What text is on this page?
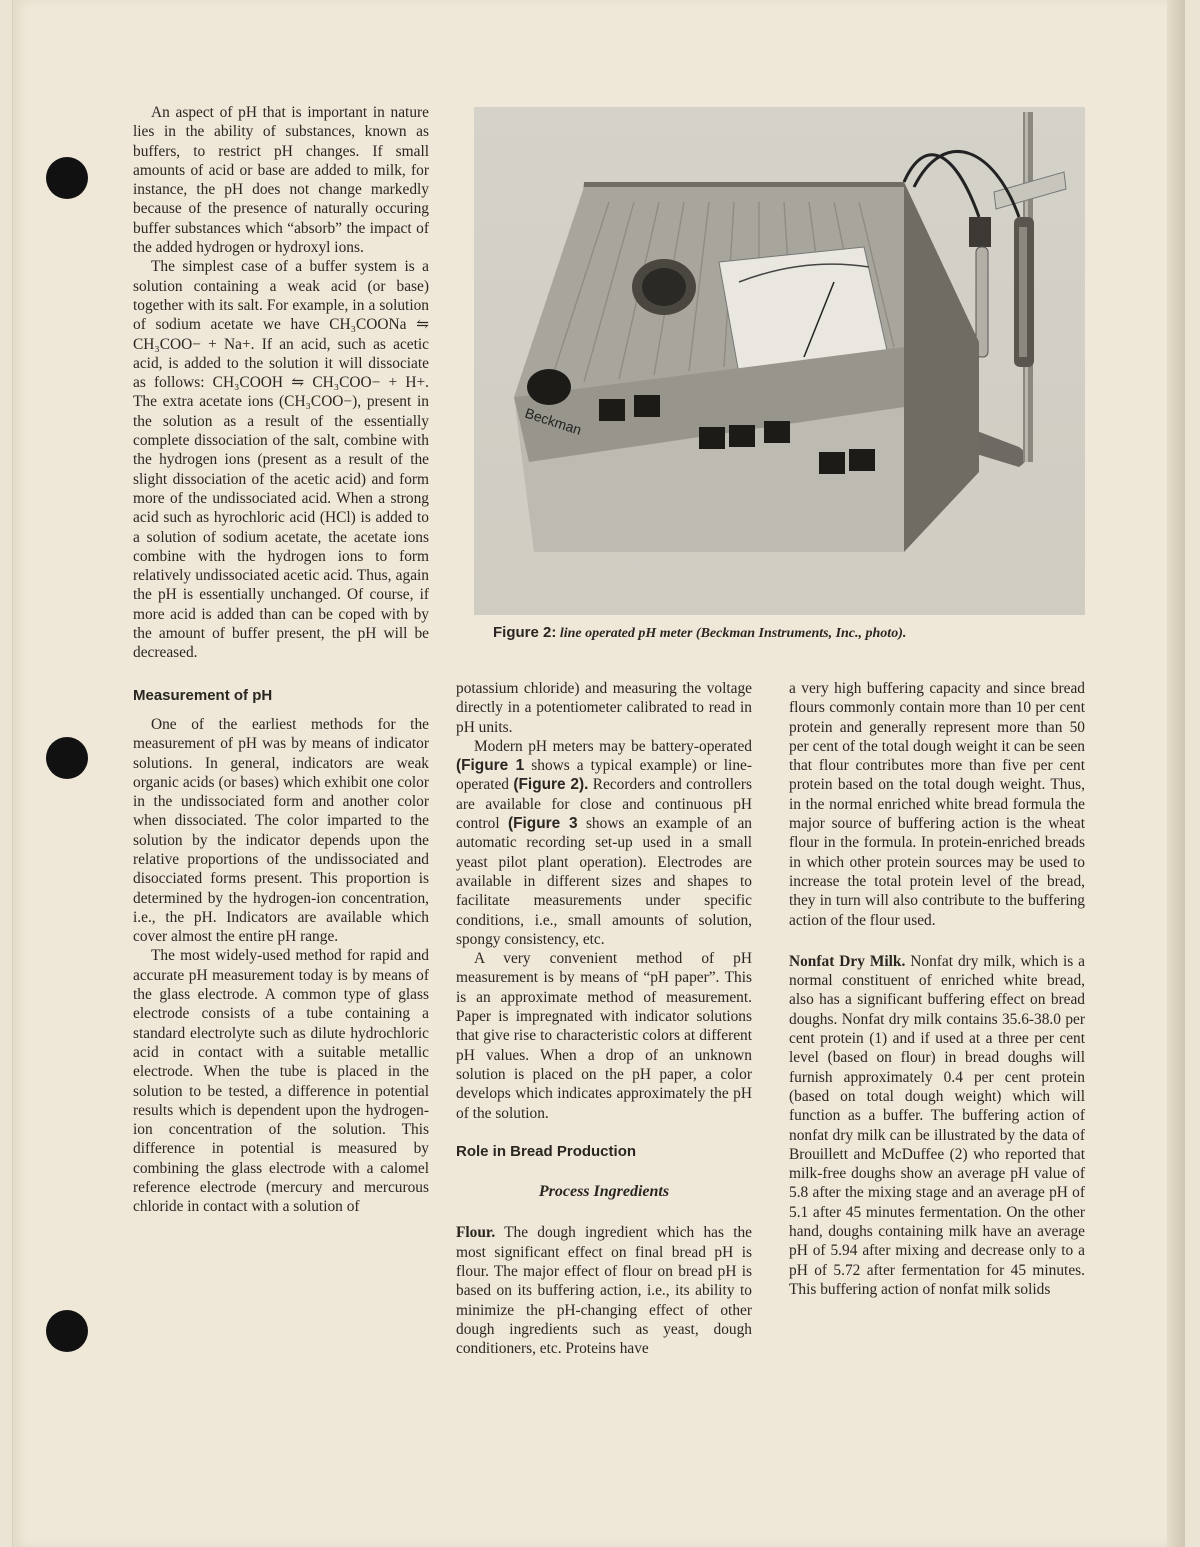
An aspect of pH that is important in nature lies in the ability of substances, known as buffers, to restrict pH changes. If small amounts of acid or base are added to milk, for instance, the pH does not change markedly because of the presence of naturally occuring buffer substances which “absorb” the impact of the added hydrogen or hydroxyl ions.

The simplest case of a buffer system is a solution containing a weak acid (or base) together with its salt. For example, in a solution of sodium acetate we have CH₃COONa ⇋ CH₃COO− + Na+. If an acid, such as acetic acid, is added to the solution it will dissociate as follows: CH₃COOH ⇋ CH₃COO− + H+. The extra acetate ions (CH₃COO−), present in the solution as a result of the essentially complete dissociation of the salt, combine with the hydrogen ions (present as a result of the slight dissociation of the acetic acid) and form more of the undissociated acid. When a strong acid such as hyrochloric acid (HCl) is added to a solution of sodium acetate, the acetate ions combine with the hydrogen ions to form relatively undissociated acetic acid. Thus, again the pH is essentially unchanged. Of course, if more acid is added than can be coped with by the amount of buffer present, the pH will be decreased.

Measurement of pH

One of the earliest methods for the measurement of pH was by means of indicator solutions. In general, indicators are weak organic acids (or bases) which exhibit one color in the undissociated form and another color when dissociated. The color imparted to the solution by the indicator depends upon the relative proportions of the undissociated and disocciated forms present. This proportion is determined by the hydrogen-ion concentration, i.e., the pH. Indicators are available which cover almost the entire pH range.

The most widely-used method for rapid and accurate pH measurement today is by means of the glass electrode. A common type of glass electrode consists of a tube containing a standard electrolyte such as dilute hydrochloric acid in contact with a suitable metallic electrode. When the tube is placed in the solution to be tested, a difference in potential results which is dependent upon the hydrogen-ion concentration of the solution. This difference in potential is measured by combining the glass electrode with a calomel reference electrode (mercury and mercurous chloride in contact with a solution of

Beckman
Figure 2: line operated pH meter (Beckman Instruments, Inc., photo).

potassium chloride) and measuring the voltage directly in a potentiometer calibrated to read in pH units.

Modern pH meters may be battery-operated (Figure 1 shows a typical example) or line-operated (Figure 2). Recorders and controllers are available for close and continuous pH control (Figure 3 shows an example of an automatic recording set-up used in a small yeast pilot plant operation). Electrodes are available in different sizes and shapes to facilitate measurements under specific conditions, i.e., small amounts of solution, spongy consistency, etc.

A very convenient method of pH measurement is by means of “pH paper”. This is an approximate method of measurement. Paper is impregnated with indicator solutions that give rise to characteristic colors at different pH values. When a drop of an unknown solution is placed on the pH paper, a color develops which indicates approximately the pH of the solution.

Role in Bread Production

Process Ingredients

Flour. The dough ingredient which has the most significant effect on final bread pH is flour. The major effect of flour on bread pH is based on its buffering action, i.e., its ability to minimize the pH-changing effect of other dough ingredients such as yeast, dough conditioners, etc. Proteins have

a very high buffering capacity and since bread flours commonly contain more than 10 per cent protein and generally represent more than 50 per cent of the total dough weight it can be seen that flour contributes more than five per cent protein based on the total dough weight. Thus, in the normal enriched white bread formula the major source of buffering action is the wheat flour in the formula. In protein-enriched breads in which other protein sources may be used to increase the total protein level of the bread, they in turn will also contribute to the buffering action of the flour used.

Nonfat Dry Milk. Nonfat dry milk, which is a normal constituent of enriched white bread, also has a significant buffering effect on bread doughs. Nonfat dry milk contains 35.6-38.0 per cent protein (1) and if used at a three per cent level (based on flour) in bread doughs will furnish approximately 0.4 per cent protein (based on total dough weight) which will function as a buffer. The buffering action of nonfat dry milk can be illustrated by the data of Brouillett and McDuffee (2) who reported that milk-free doughs show an average pH value of 5.8 after the mixing stage and an average pH of 5.1 after 45 minutes fermentation. On the other hand, doughs containing milk have an average pH of 5.94 after mixing and decrease only to a pH of 5.72 after fermentation for 45 minutes. This buffering action of nonfat milk solids
